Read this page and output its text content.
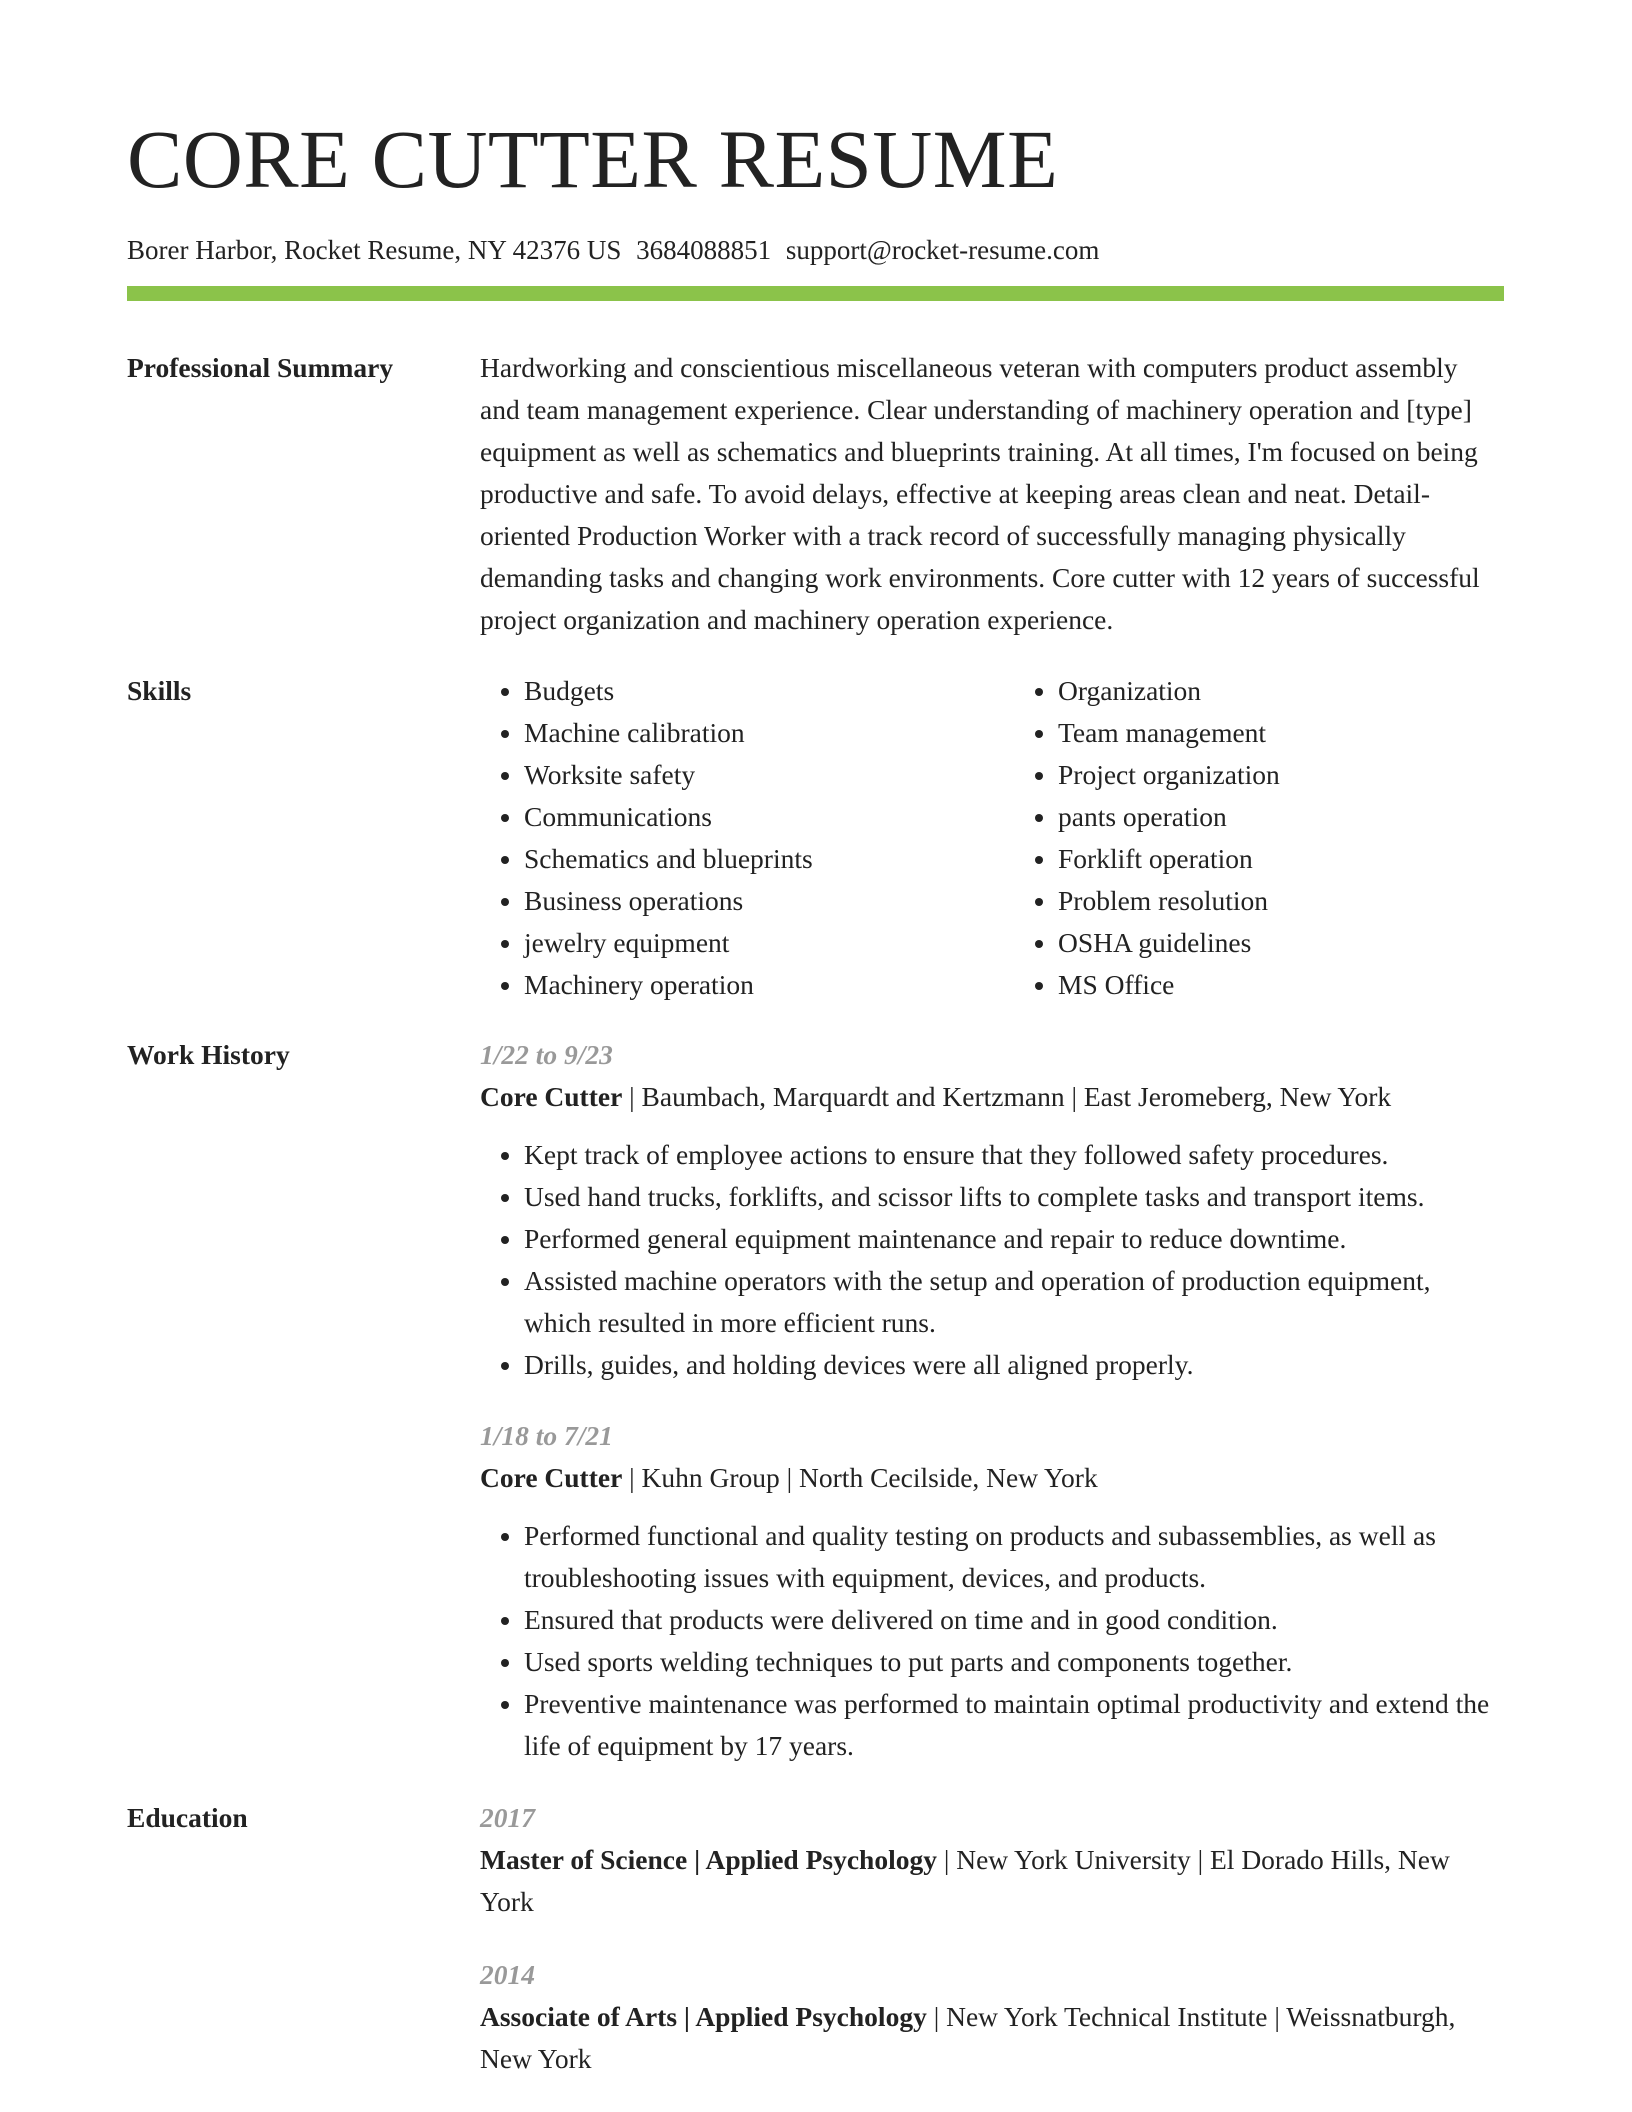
CORE CUTTER RESUME
Borer Harbor, Rocket Resume, NY 42376 US 3684088851 support@rocket-resume.com
Professional Summary	Hardworking and conscientious miscellaneous veteran with computers product assembly and team management experience. Clear understanding of machinery operation and [type] equipment as well as schematics and blueprints training. At all times, I'm focused on being productive and safe. To avoid delays, effective at keeping areas clean and neat. Detail-oriented Production Worker with a track record of successfully managing physically demanding tasks and changing work environments. Core cutter with 12 years of successful project organization and machinery operation experience.

Skills
•	Budgets
• Machine calibration
• Worksite safety
• Communications
• Schematics and blueprints
• Business operations
• jewelry equipment
• Machinery operation
• Organization
• Team management
• Project organization
• pants operation
• Forklift operation
• Problem resolution
• OSHA guidelines
• MS Office
Work History	1/22 to 9/23
Core Cutter | Baumbach, Marquardt and Kertzmann | East Jeromeberg, New York
• Kept track of employee actions to ensure that they followed safety procedures.
• Used hand trucks, forklifts, and scissor lifts to complete tasks and transport items.
• Performed general equipment maintenance and repair to reduce downtime.
• Assisted machine operators with the setup and operation of production equipment, which resulted in more efficient runs.
• Drills, guides, and holding devices were all aligned properly.
1/18 to 7/21
Core Cutter | Kuhn Group | North Cecilside, New York
• Performed functional and quality testing on products and subassemblies, as well as troubleshooting issues with equipment, devices, and products.
• Ensured that products were delivered on time and in good condition.
• Used sports welding techniques to put parts and components together.
• Preventive maintenance was performed to maintain optimal productivity and extend the life of equipment by 17 years.
Education	2017
Master of Science | Applied Psychology | New York University | El Dorado Hills, New York
2014
Associate of Arts | Applied Psychology | New York Technical Institute | Weissnatburgh, New York
